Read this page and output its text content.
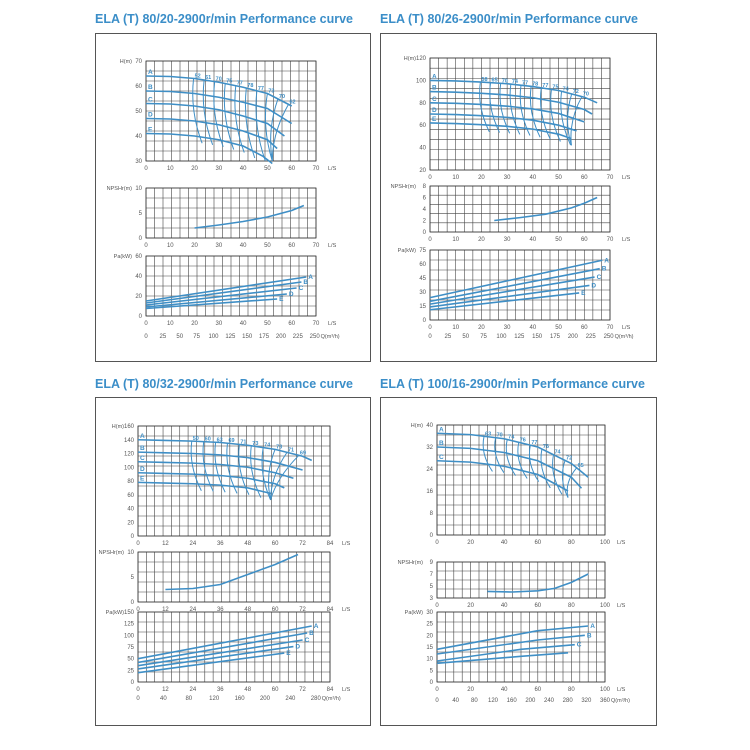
ELA (T) 80/20-2900r/min Performance curve ELA (T) 80/26-2900r/min Performance curve
ELA (T) 80/32-2900r/min Performance curve ELA (T) 100/16-2900r/min Performance curve
0	10	20	30	40	50	60	70
30
40
50
60
70
H(m)
L/S
A
B
C
D
E
52 61 70 75 77 78 77 73
70
62
0	10	20	30	40	50	60	70
0
5
10
NPSHr(m)
L/S
0	10	20	30	40	50	60	70
0
20
40
60
Pa(kW)
L/S
A
B
C
D
E
0 25 50 75 100 125 150 175 200 225 250 Q(m³/h)
0	10	20	30	40	50	60	70
20
40
60
80
100
120
H(m)
L/S
A
B
C
D
E
58 65 70 74 77 78 77 75 74 72 70
0	10	20	30	40	50	60	70
0
2
4
6
8
NPSHr(m)
L/S
0	10	20	30	40	50	60	70
0
15
30
45
60
75
Pa(kW)
L/S
A
B
C
D
E
0 25 50 75 100 125 150 175 200 225 250 Q(m³/h)
0	12	24	36	48	60	72	84
0
20
40
60
80
100
120
140
160
H(m)
L/S
A
B
C
D
E
50 60 63 69 71 73 74 73 71 69
0	12	24	36	48	60	72	84
0
5
10
NPSHr(m)
L/S
0	12	24	36	48	60	72	84
0
25
50
75
100
125
150
Pa(kW)
L/S
A
B
C
D
E
0	40	80	120	160	200	240	280 Q(m³/h)
0	20	40	60	80	100
0
8
16
24
32
40
H(m)
L/S
A
B
C
63 70 74 76 77
76
74
72
65
0	20	40	60	80	100
3
5
7
9
NPSHr(m)
L/S
0	20	40	60	80	100
0
5
10
15
20
25
30
Pa(kW)
L/S
A
B
C
0 40 80 120 160 200 240 280 320 360 Q(m³/h)
